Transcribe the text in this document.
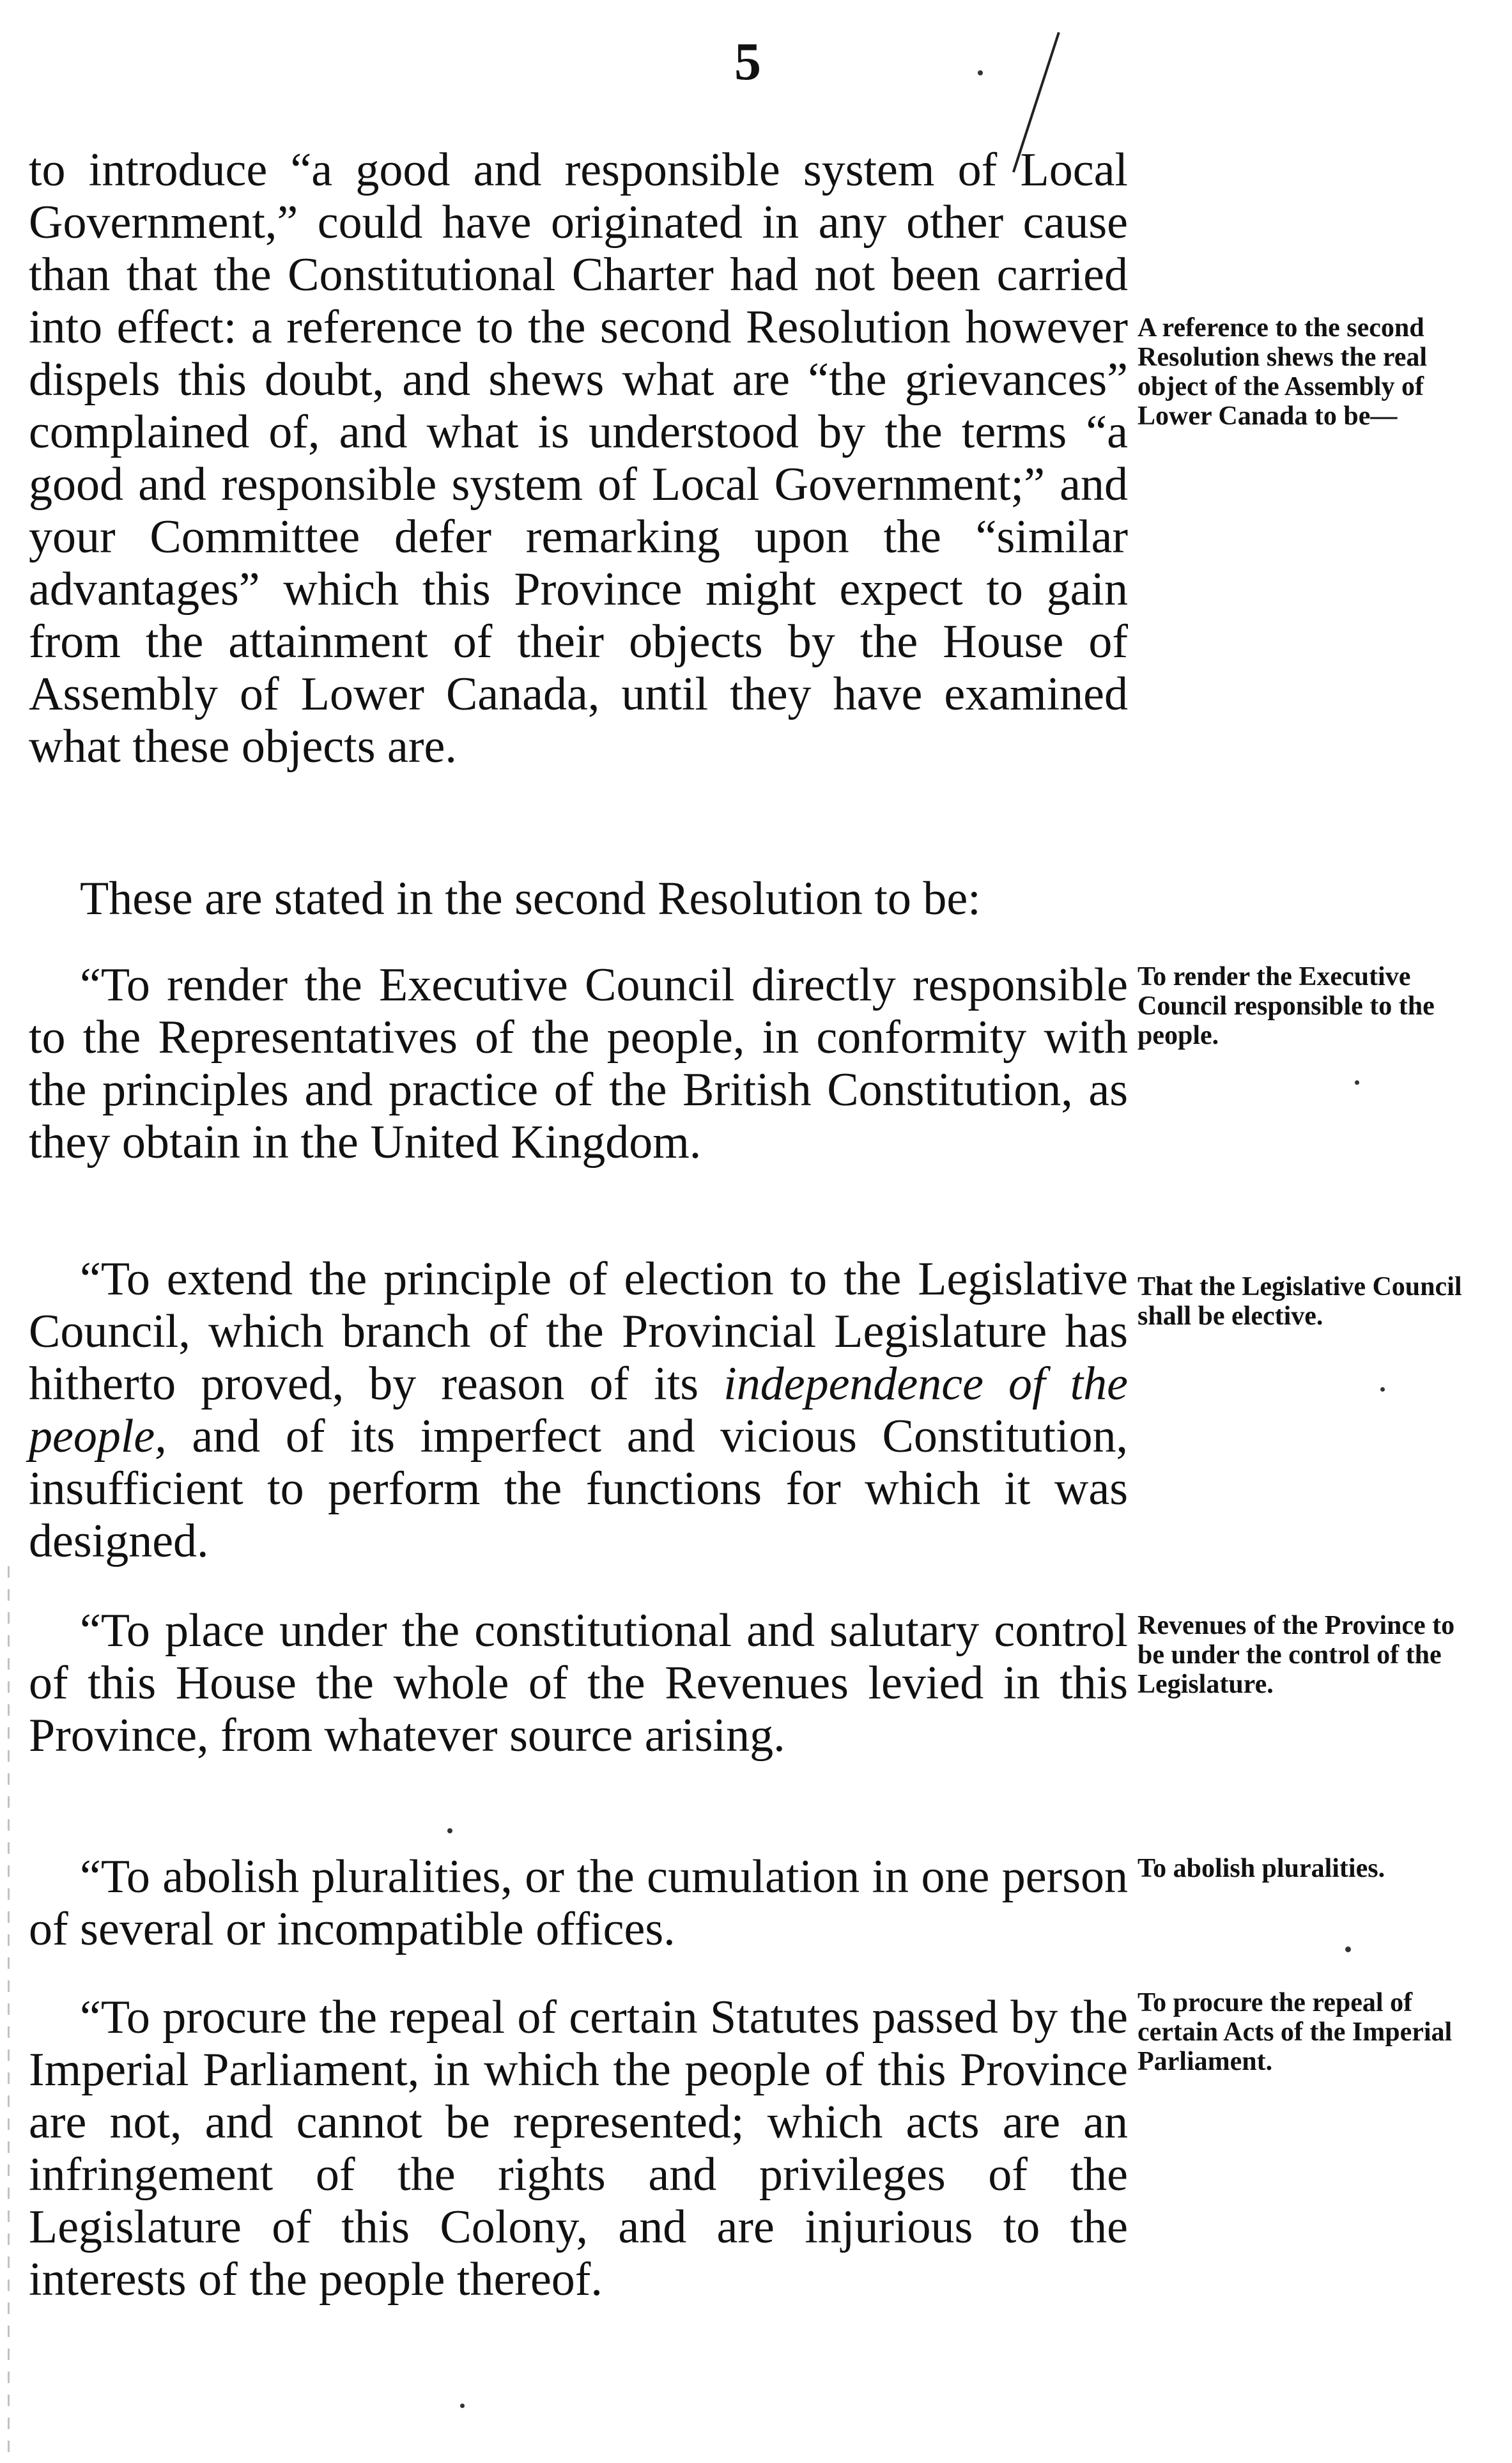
5
to introduce “a good and responsible system of Local Government,” could have originated in any other cause than that the Constitutional Charter had not been carried into effect: a reference to the second Resolution however dispels this doubt, and shews what are “the grievances” complained of, and what is understood by the terms “a good and responsible system of Local Government;” and your Committee defer remarking upon the “similar advantages” which this Province might expect to gain from the attainment of their objects by the House of Assembly of Lower Canada, until they have examined what these objects are.
These are stated in the second Resolution to be:
“To render the Executive Council directly responsible to the Representatives of the people, in conformity with the principles and practice of the British Constitution, as they obtain in the United Kingdom.
“To extend the principle of election to the Legislative Council, which branch of the Provincial Legislature has hitherto proved, by reason of its independence of the people, and of its imperfect and vicious Constitution, insufficient to perform the functions for which it was designed.
“To place under the constitutional and salutary control of this House the whole of the Revenues levied in this Province, from whatever source arising.
“To abolish pluralities, or the cumulation in one person of several or incompatible offices.
“To procure the repeal of certain Statutes passed by the Imperial Parliament, in which the people of this Province are not, and cannot be represented; which acts are an infringement of the rights and privileges of the Legislature of this Colony, and are injurious to the interests of the people thereof.
A reference to the second Resolution shews the real object of the Assembly of Lower Canada to be—
To render the Executive Council responsible to the people.
That the Legislative Council shall be elective.
Revenues of the Province to be under the control of the Legislature.
To abolish pluralities.
To procure the repeal of certain Acts of the Imperial Parliament.
